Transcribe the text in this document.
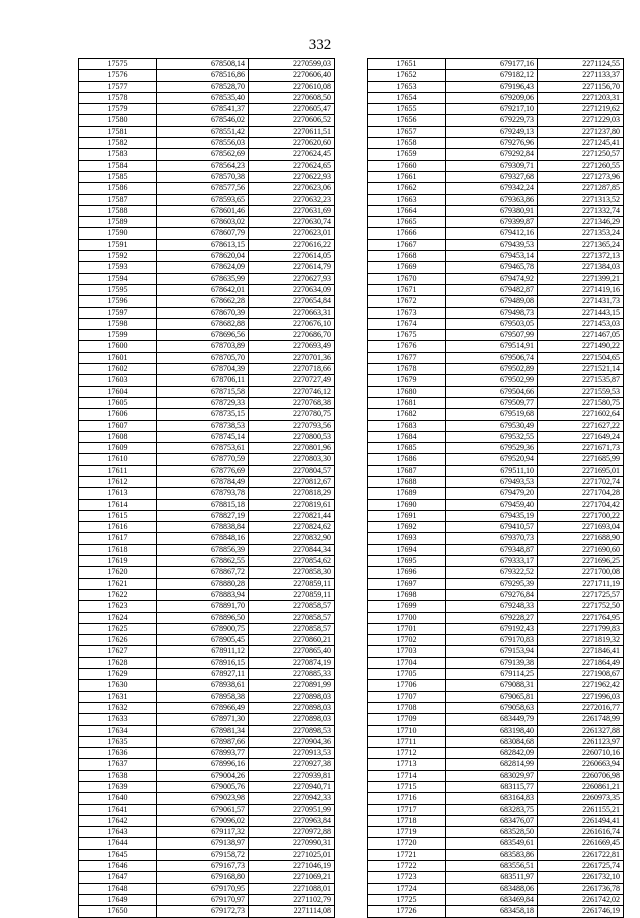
332
17575	678508,14	2270599,03
17576	678516,86	2270606,40
17577	678528,70	2270610,08
17578	678535,40	2270608,50
17579	678541,37	2270605,47
17580	678546,02	2270606,52
17581	678551,42	2270611,51
17582	678556,03	2270620,60
17583	678562,69	2270624,45
17584	678564,23	2270624,65
17585	678570,38	2270622,93
17586	678577,56	2270623,06
17587	678593,65	2270632,23
17588	678601,46	2270631,69
17589	678603,02	2270630,74
17590	678607,79	2270623,01
17591	678613,15	2270616,22
17592	678620,04	2270614,05
17593	678624,09	2270614,79
17594	678635,99	2270627,93
17595	678642,01	2270634,09
17596	678662,28	2270654,84
17597	678670,39	2270663,31
17598	678682,88	2270676,10
17599	678696,56	2270686,70
17600	678703,89	2270693,49
17601	678705,70	2270701,36
17602	678704,39	2270718,66
17603	678706,11	2270727,49
17604	678715,58	2270746,12
17605	678729,33	2270768,38
17606	678735,15	2270780,75
17607	678738,53	2270793,56
17608	678745,14	2270800,53
17609	678753,61	2270801,96
17610	678770,59	2270803,30
17611	678776,69	2270804,57
17612	678784,49	2270812,67
17613	678793,78	2270818,29
17614	678815,18	2270819,61
17615	678827,19	2270821,44
17616	678838,84	2270824,62
17617	678848,16	2270832,90
17618	678856,39	2270844,34
17619	678862,55	2270854,62
17620	678867,72	2270858,30
17621	678880,28	2270859,11
17622	678883,94	2270859,11
17623	678891,70	2270858,57
17624	678896,50	2270858,57
17625	678900,75	2270858,57
17626	678905,45	2270860,21
17627	678911,12	2270865,40
17628	678916,15	2270874,19
17629	678927,11	2270885,33
17630	678938,61	2270891,99
17631	678958,38	2270898,03
17632	678966,49	2270898,03
17633	678971,30	2270898,03
17634	678981,34	2270898,53
17635	678987,66	2270904,36
17636	678993,77	2270913,53
17637	678996,16	2270927,38
17638	679004,26	2270939,81
17639	679005,76	2270940,71
17640	679023,98	2270942,33
17641	679061,57	2270951,99
17642	679096,02	2270963,84
17643	679117,32	2270972,88
17644	679138,97	2270990,31
17645	679158,72	2271025,01
17646	679167,73	2271046,19
17647	679168,80	2271069,21
17648	679170,95	2271088,01
17649	679170,97	2271102,79
17650	679172,73	2271114,08
17651	679177,16	2271124,55
17652	679182,12	2271133,37
17653	679196,43	2271156,70
17654	679209,06	2271203,31
17655	679217,10	2271219,62
17656	679229,73	2271229,03
17657	679249,13	2271237,80
17658	679276,96	2271245,41
17659	679292,84	2271250,57
17660	679309,71	2271260,55
17661	679327,68	2271273,96
17662	679342,24	2271287,85
17663	679363,86	2271313,52
17664	679380,91	2271332,74
17665	679399,87	2271346,29
17666	679412,16	2271353,24
17667	679439,53	2271365,24
17668	679453,14	2271372,13
17669	679465,78	2271384,03
17670	679474,92	2271399,21
17671	679482,87	2271419,16
17672	679489,08	2271431,73
17673	679498,73	2271443,15
17674	679503,05	2271453,03
17675	679507,99	2271467,05
17676	679514,91	2271490,22
17677	679506,74	2271504,65
17678	679502,89	2271521,14
17679	679502,99	2271535,87
17680	679504,66	2271559,53
17681	679509,77	2271580,75
17682	679519,68	2271602,64
17683	679530,49	2271627,22
17684	679532,55	2271649,24
17685	679529,36	2271671,73
17686	679520,94	2271685,99
17687	679511,10	2271695,01
17688	679493,53	2271702,74
17689	679479,20	2271704,28
17690	679459,40	2271704,42
17691	679435,19	2271700,22
17692	679410,57	2271693,04
17693	679370,73	2271688,90
17694	679348,87	2271690,60
17695	679333,17	2271696,25
17696	679322,52	2271700,08
17697	679295,39	2271711,19
17698	679276,84	2271725,57
17699	679248,33	2271752,50
17700	679228,27	2271764,95
17701	679192,43	2271799,83
17702	679170,83	2271819,32
17703	679153,94	2271846,41
17704	679139,38	2271864,49
17705	679114,25	2271908,67
17706	679088,31	2271962,42
17707	679065,81	2271996,03
17708	679058,63	2272016,77
17709	683449,79	2261748,99
17710	683198,40	2261327,88
17711	683084,68	2261123,97
17712	682842,09	2260710,16
17713	682814,99	2260663,94
17714	683029,97	2260706,98
17715	683115,77	2260861,21
17716	683164,83	2260973,35
17717	683283,75	2261155,21
17718	683476,07	2261494,41
17719	683528,50	2261616,74
17720	683549,61	2261669,45
17721	683583,86	2261722,81
17722	683556,51	2261725,74
17723	683511,97	2261732,10
17724	683488,06	2261736,78
17725	683469,84	2261742,02
17726	683458,18	2261746,19
